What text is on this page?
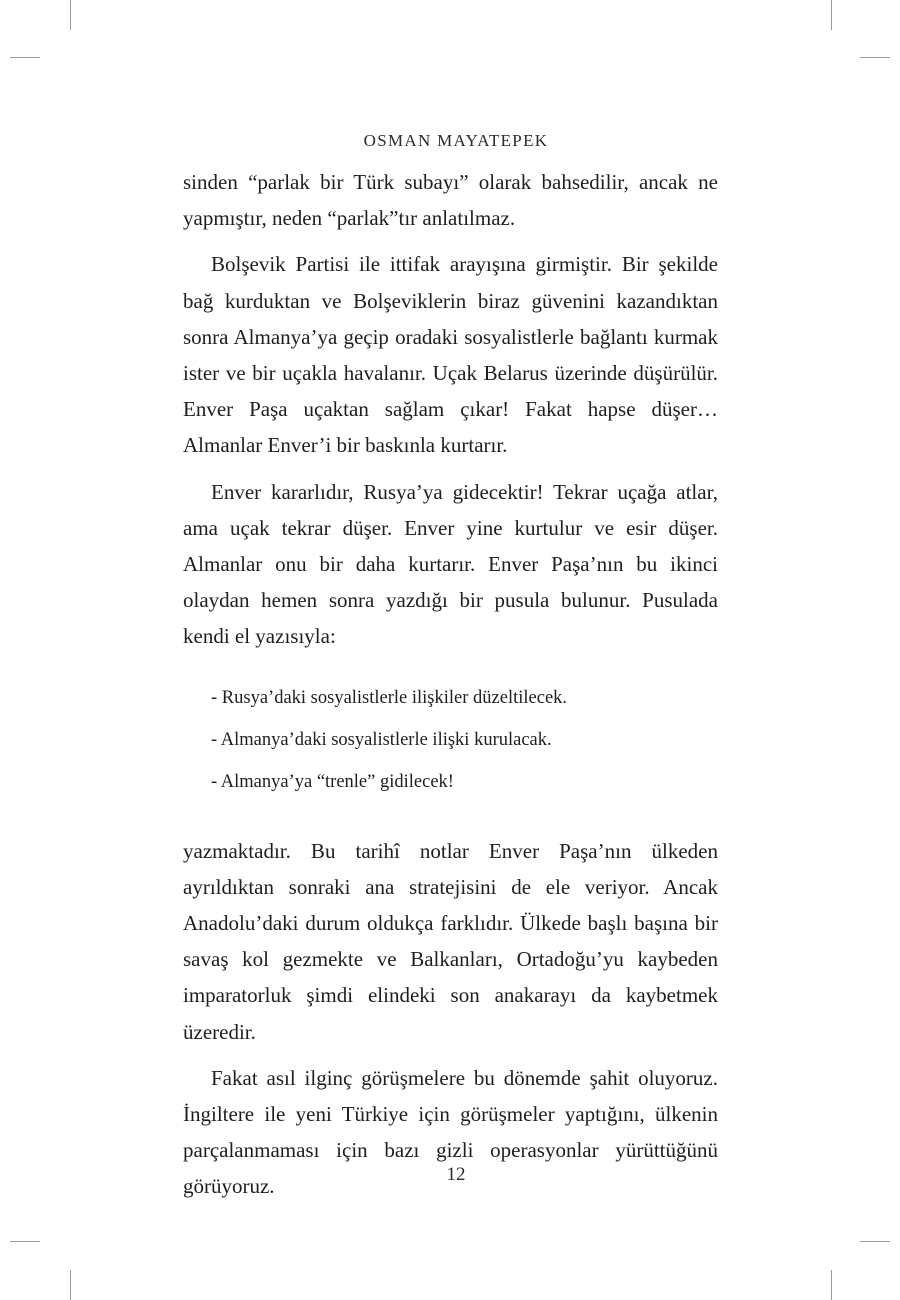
OSMAN MAYATEPEK

sinden “parlak bir Türk subayı” olarak bahsedilir, ancak ne yapmıştır, neden “parlak”tır anlatılmaz.

Bolşevik Partisi ile ittifak arayışına girmiştir. Bir şekilde bağ kurduktan ve Bolşeviklerin biraz güvenini kazandıktan sonra Almanya’ya geçip oradaki sosyalistlerle bağlantı kurmak ister ve bir uçakla havalanır. Uçak Belarus üzerinde düşürülür. Enver Paşa uçaktan sağlam çıkar! Fakat hapse düşer… Almanlar Enver’i bir baskınla kurtarır.

Enver kararlıdır, Rusya’ya gidecektir! Tekrar uçağa atlar, ama uçak tekrar düşer. Enver yine kurtulur ve esir düşer. Almanlar onu bir daha kurtarır. Enver Paşa’nın bu ikinci olaydan hemen sonra yazdığı bir pusula bulunur. Pusulada kendi el yazısıyla:

- Rusya’daki sosyalistlerle ilişkiler düzeltilecek.
- Almanya’daki sosyalistlerle ilişki kurulacak.
- Almanya’ya “trenle” gidilecek!

yazmaktadır. Bu tarihî notlar Enver Paşa’nın ülkeden ayrıldıktan sonraki ana stratejisini de ele veriyor. Ancak Anadolu’daki durum oldukça farklıdır. Ülkede başlı başına bir savaş kol gezmekte ve Balkanları, Ortadoğu’yu kaybeden imparatorluk şimdi elindeki son anakarayı da kaybetmek üzeredir.

Fakat asıl ilginç görüşmelere bu dönemde şahit oluyoruz. İngiltere ile yeni Türkiye için görüşmeler yaptığını, ülkenin parçalanmaması için bazı gizli operasyonlar yürüttüğünü görüyoruz.	12
